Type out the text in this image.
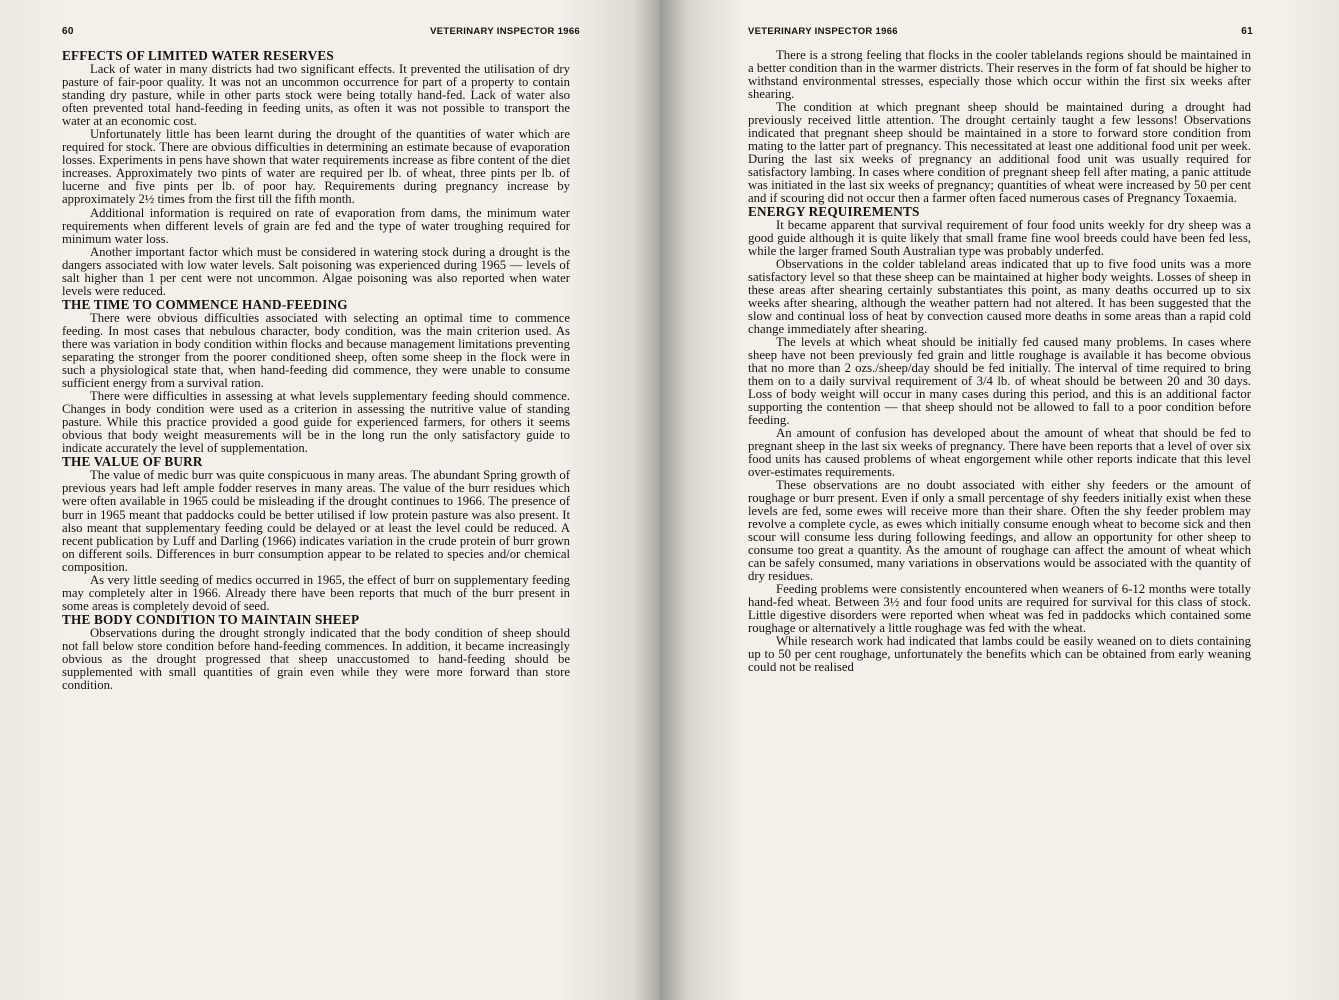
60	VETERINARY INSPECTOR 1966
EFFECTS OF LIMITED WATER RESERVES

Lack of water in many districts had two significant effects. It prevented the utilisation of dry pasture of fair-poor quality. It was not an uncommon occurrence for part of a property to contain standing dry pasture, while in other parts stock were being totally hand-fed. Lack of water also often prevented total hand-feeding in feeding units, as often it was not possible to transport the water at an economic cost.

Unfortunately little has been learnt during the drought of the quantities of water which are required for stock. There are obvious difficulties in determining an estimate because of evaporation losses. Experiments in pens have shown that water requirements increase as fibre content of the diet increases. Approximately two pints of water are required per lb. of wheat, three pints per lb. of lucerne and five pints per lb. of poor hay. Requirements during pregnancy increase by approximately 2½ times from the first till the fifth month.

Additional information is required on rate of evaporation from dams, the minimum water requirements when different levels of grain are fed and the type of water troughing required for minimum water loss.

Another important factor which must be considered in watering stock during a drought is the dangers associated with low water levels. Salt poisoning was experienced during 1965 — levels of salt higher than 1 per cent were not uncommon. Algae poisoning was also reported when water levels were reduced.

THE TIME TO COMMENCE HAND-FEEDING

There were obvious difficulties associated with selecting an optimal time to commence feeding. In most cases that nebulous character, body condition, was the main criterion used. As there was variation in body condition within flocks and because management limitations preventing separating the stronger from the poorer conditioned sheep, often some sheep in the flock were in such a physiological state that, when hand-feeding did commence, they were unable to consume sufficient energy from a survival ration.

There were difficulties in assessing at what levels supplementary feeding should commence. Changes in body condition were used as a criterion in assessing the nutritive value of standing pasture. While this practice provided a good guide for experienced farmers, for others it seems obvious that body weight measurements will be in the long run the only satisfactory guide to indicate accurately the level of supplementation.

THE VALUE OF BURR

The value of medic burr was quite conspicuous in many areas. The abundant Spring growth of previous years had left ample fodder reserves in many areas. The value of the burr residues which were often available in 1965 could be misleading if the drought continues to 1966. The presence of burr in 1965 meant that paddocks could be better utilised if low protein pasture was also present. It also meant that supplementary feeding could be delayed or at least the level could be reduced. A recent publication by Luff and Darling (1966) indicates variation in the crude protein of burr grown on different soils. Differences in burr consumption appear to be related to species and/or chemical composition.

As very little seeding of medics occurred in 1965, the effect of burr on supplementary feeding may completely alter in 1966. Already there have been reports that much of the burr present in some areas is completely devoid of seed.

THE BODY CONDITION TO MAINTAIN SHEEP

Observations during the drought strongly indicated that the body condition of sheep should not fall below store condition before hand-feeding commences. In addition, it became increasingly obvious as the drought progressed that sheep unaccustomed to hand-feeding should be supplemented with small quantities of grain even while they were more forward than store condition.

VETERINARY INSPECTOR 1966	61

There is a strong feeling that flocks in the cooler tablelands regions should be maintained in a better condition than in the warmer districts. Their reserves in the form of fat should be higher to withstand environmental stresses, especially those which occur within the first six weeks after shearing.

The condition at which pregnant sheep should be maintained during a drought had previously received little attention. The drought certainly taught a few lessons! Observations indicated that pregnant sheep should be maintained in a store to forward store condition from mating to the latter part of pregnancy. This necessitated at least one additional food unit per week. During the last six weeks of pregnancy an additional food unit was usually required for satisfactory lambing. In cases where condition of pregnant sheep fell after mating, a panic attitude was initiated in the last six weeks of pregnancy; quantities of wheat were increased by 50 per cent and if scouring did not occur then a farmer often faced numerous cases of Pregnancy Toxaemia.

ENERGY REQUIREMENTS

It became apparent that survival requirement of four food units weekly for dry sheep was a good guide although it is quite likely that small frame fine wool breeds could have been fed less, while the larger framed South Australian type was probably underfed.

Observations in the colder tableland areas indicated that up to five food units was a more satisfactory level so that these sheep can be maintained at higher body weights. Losses of sheep in these areas after shearing certainly substantiates this point, as many deaths occurred up to six weeks after shearing, although the weather pattern had not altered. It has been suggested that the slow and continual loss of heat by convection caused more deaths in some areas than a rapid cold change immediately after shearing.

The levels at which wheat should be initially fed caused many problems. In cases where sheep have not been previously fed grain and little roughage is available it has become obvious that no more than 2 ozs./sheep/day should be fed initially. The interval of time required to bring them on to a daily survival requirement of 3/4 lb. of wheat should be between 20 and 30 days. Loss of body weight will occur in many cases during this period, and this is an additional factor supporting the contention — that sheep should not be allowed to fall to a poor condition before feeding.

An amount of confusion has developed about the amount of wheat that should be fed to pregnant sheep in the last six weeks of pregnancy. There have been reports that a level of over six food units has caused problems of wheat engorgement while other reports indicate that this level over-estimates requirements.

These observations are no doubt associated with either shy feeders or the amount of roughage or burr present. Even if only a small percentage of shy feeders initially exist when these levels are fed, some ewes will receive more than their share. Often the shy feeder problem may revolve a complete cycle, as ewes which initially consume enough wheat to become sick and then scour will consume less during following feedings, and allow an opportunity for other sheep to consume too great a quantity. As the amount of roughage can affect the amount of wheat which can be safely consumed, many variations in observations would be associated with the quantity of dry residues.

Feeding problems were consistently encountered when weaners of 6-12 months were totally hand-fed wheat. Between 3½ and four food units are required for survival for this class of stock. Little digestive disorders were reported when wheat was fed in paddocks which contained some roughage or alternatively a little roughage was fed with the wheat.

While research work had indicated that lambs could be easily weaned on to diets containing up to 50 per cent roughage, unfortunately the benefits which can be obtained from early weaning could not be realised
